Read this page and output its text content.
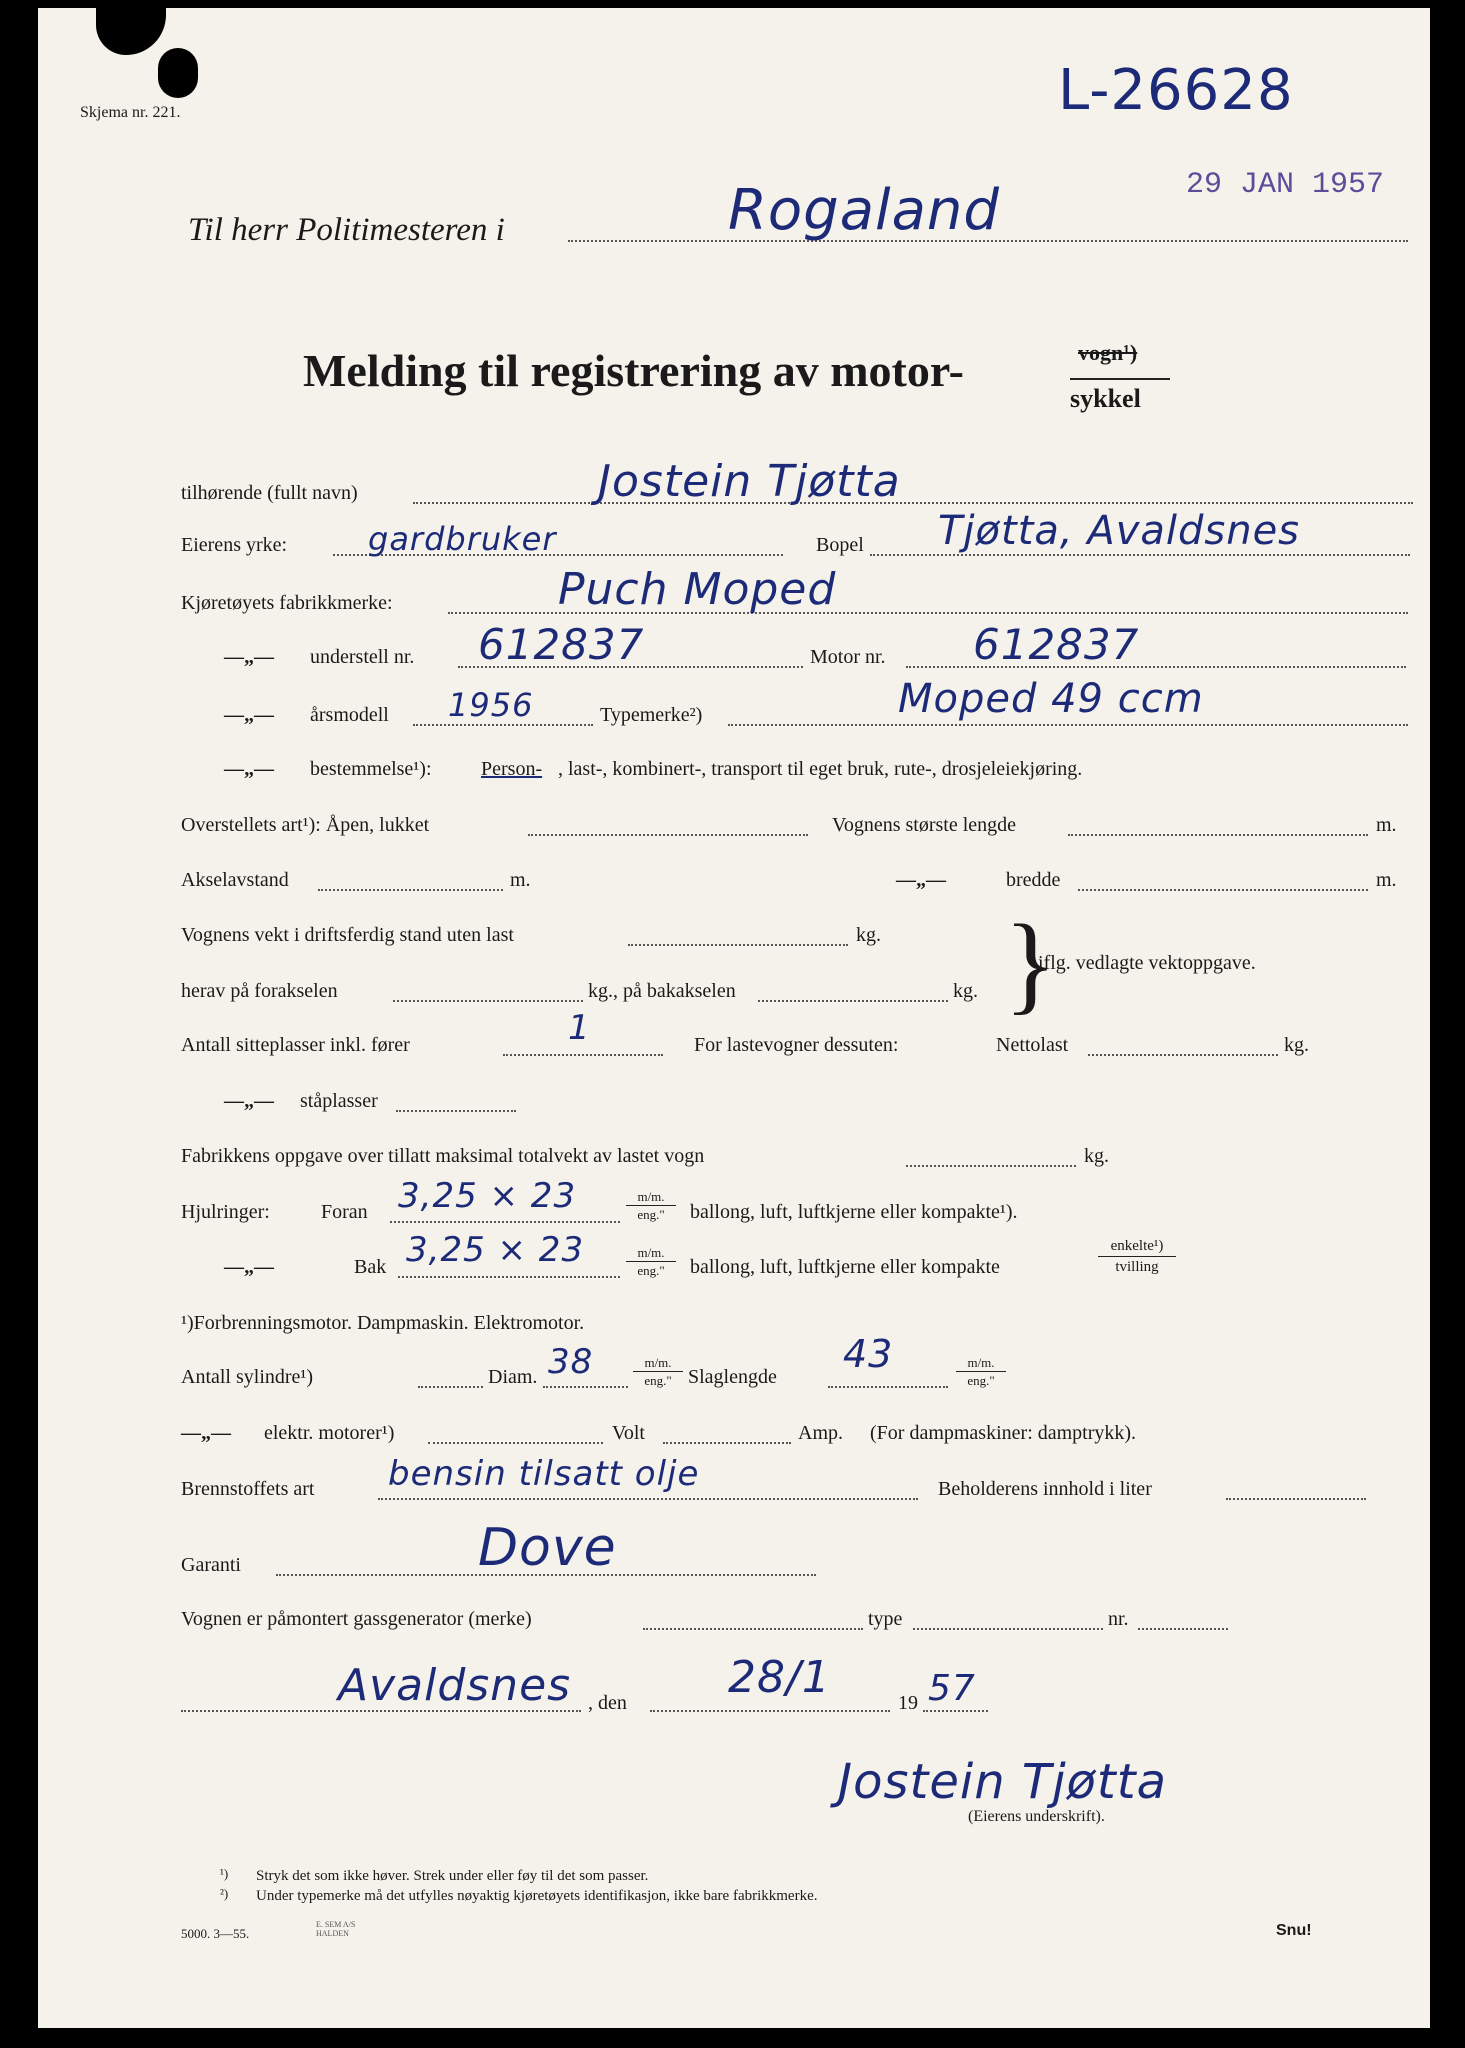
Skjema nr. 221.	L-26628
29 JAN 1957
Til herr Politimesteren i	Rogaland
Melding til registrering av motor-	vogn¹)
sykkel
tilhørende (fullt navn)	Jostein Tjøtta
Eierens yrke:	gardbruker	Bopel Tjøtta, Avaldsnes
Kjøretøyets fabrikkmerke:	Puch Moped
—„— understell nr. 612837	Motor nr. 612837
—„— årsmodell 1956	Typemerke²)	Moped 49 ccm
—„— bestemmelse¹): Person- , last-, kombinert-, transport til eget bruk, rute-, drosjeleiekjøring.
Overstellets art¹): Åpen, lukket	Vognens største lengde	m.
Akselavstand	m.	—„—	bredde	m.
Vognens vekt i driftsferdig stand uten last	kg.
herav på forakselen	kg., på bakakselen	kg. }
iflg. vedlagte vektoppgave.
Antall sitteplasser inkl. fører	1	For lastevogner dessuten:	Nettolast	kg.
—„— ståplasser
Fabrikkens oppgave over tillatt maksimal totalvekt av lastet vogn	kg.
Hjulringer:	Foran 3,25 × 23	m/m.
eng."	ballong, luft, luftkjerne eller kompakte¹).
—„—	Bak 3,25 × 23	m/m.
eng."	ballong, luft, luftkjerne eller kompakte
enkelte¹)
tvilling
¹)Forbrenningsmotor. Dampmaskin. Elektromotor.
Antall sylindre¹)	Diam. 38	m/m.
eng." Slaglengde
43	m/m.
eng."
—„— elektr. motorer¹)	Volt	Amp. (For dampmaskiner: damptrykk).
Brennstoffets art bensin tilsatt olje	Beholderens innhold i liter
Garanti	Dove
Vognen er påmontert gassgenerator (merke)	type	nr.
Avaldsnes , den 28/1	19 57
Jostein Tjøtta
(Eierens underskrift).
¹) Stryk det som ikke høver. Strek under eller føy til det som passer.
²) Under typemerke må det utfylles nøyaktig kjøretøyets identifikasjon, ikke bare fabrikkmerke.
5000. 3—55.
E. SEM A/S HALDEN	Snu!
